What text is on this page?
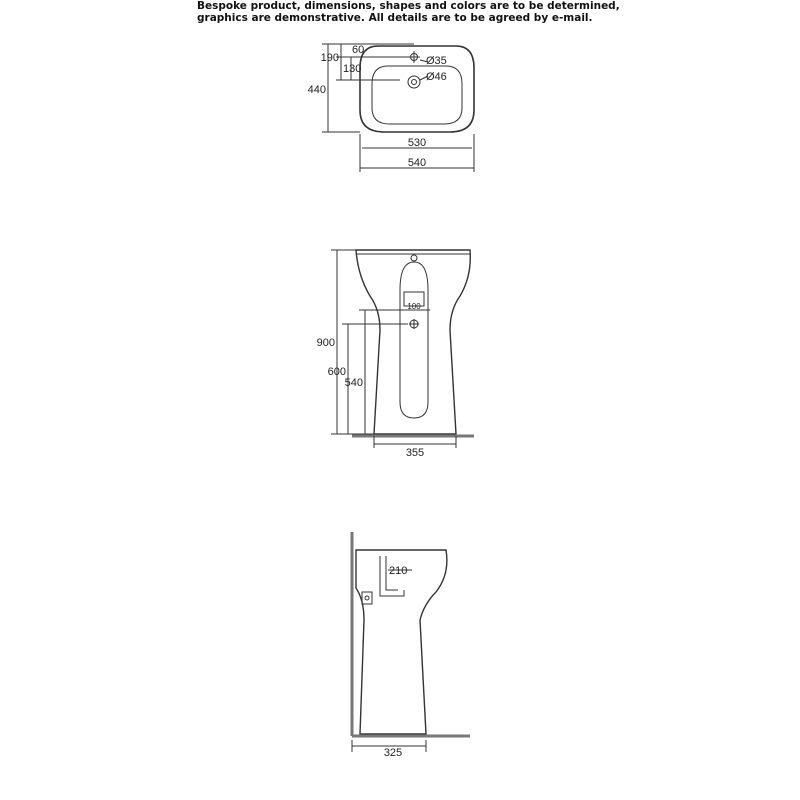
Bespoke product, dimensions, shapes and colors are to be determined,
graphics are demonstrative. All details are to be agreed by e-mail.
190
60
130
440
Ø35
Ø46
530
540
900
600
540
100
355
210
325
